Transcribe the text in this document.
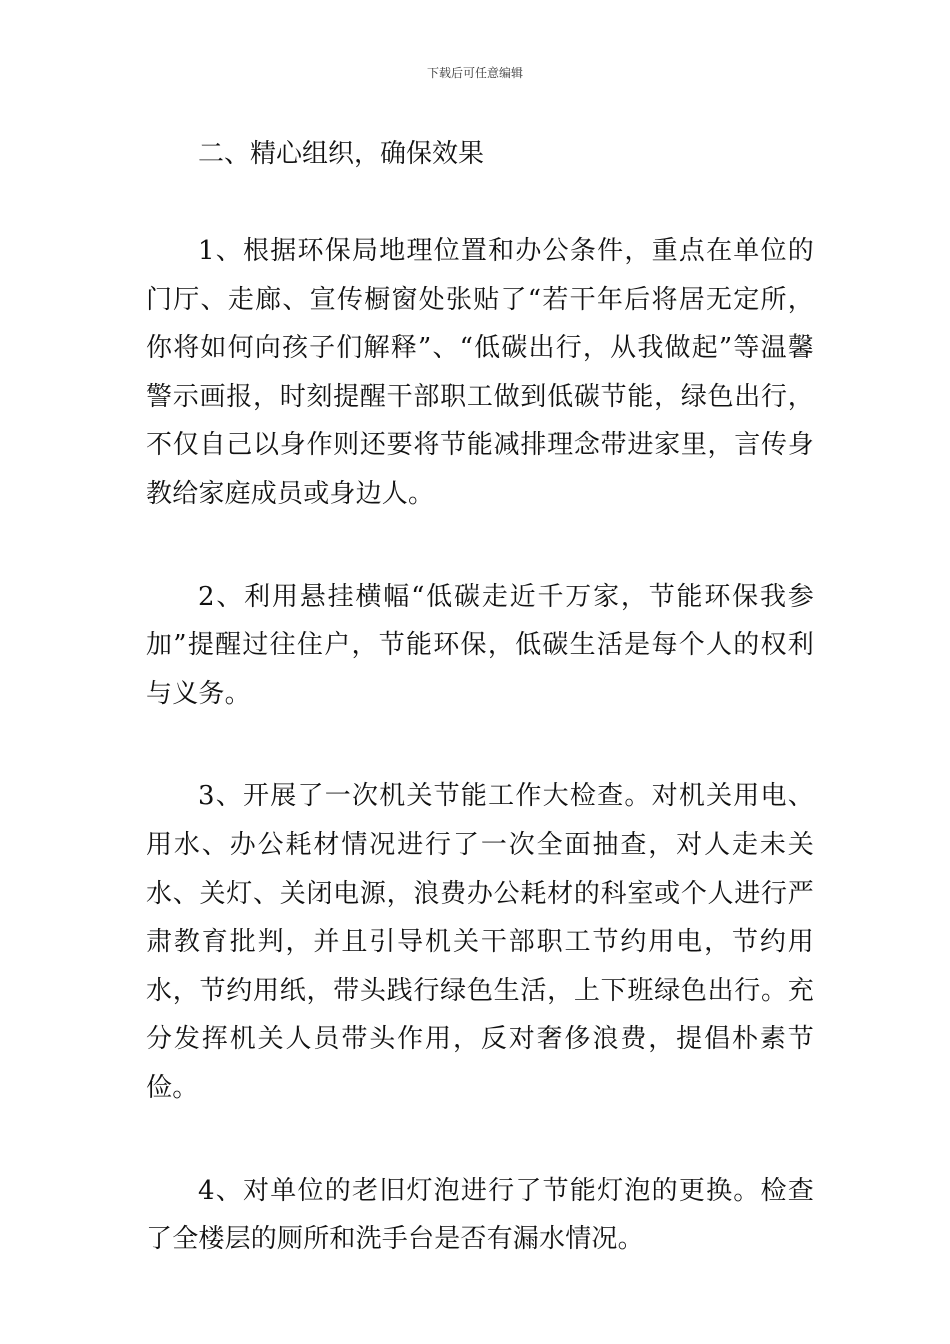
下载后可任意编辑
二、精心组织，确保效果

1、根据环保局地理位置和办公条件，重点在单位的门厅、走廊、宣传橱窗处张贴了“若干年后将居无定所，你将如何向孩子们解释”、“低碳出行，从我做起”等温馨警示画报，时刻提醒干部职工做到低碳节能，绿色出行，不仅自己以身作则还要将节能减排理念带进家里，言传身教给家庭成员或身边人。

2、利用悬挂横幅“低碳走近千万家，节能环保我参加”提醒过往住户，节能环保，低碳生活是每个人的权利与义务。

3、开展了一次机关节能工作大检查。对机关用电、用水、办公耗材情况进行了一次全面抽查，对人走未关水、关灯、关闭电源，浪费办公耗材的科室或个人进行严肃教育批判，并且引导机关干部职工节约用电，节约用水，节约用纸，带头践行绿色生活，上下班绿色出行。充分发挥机关人员带头作用，反对奢侈浪费，提倡朴素节俭。

4、对单位的老旧灯泡进行了节能灯泡的更换。检查了全楼层的厕所和洗手台是否有漏水情况。
